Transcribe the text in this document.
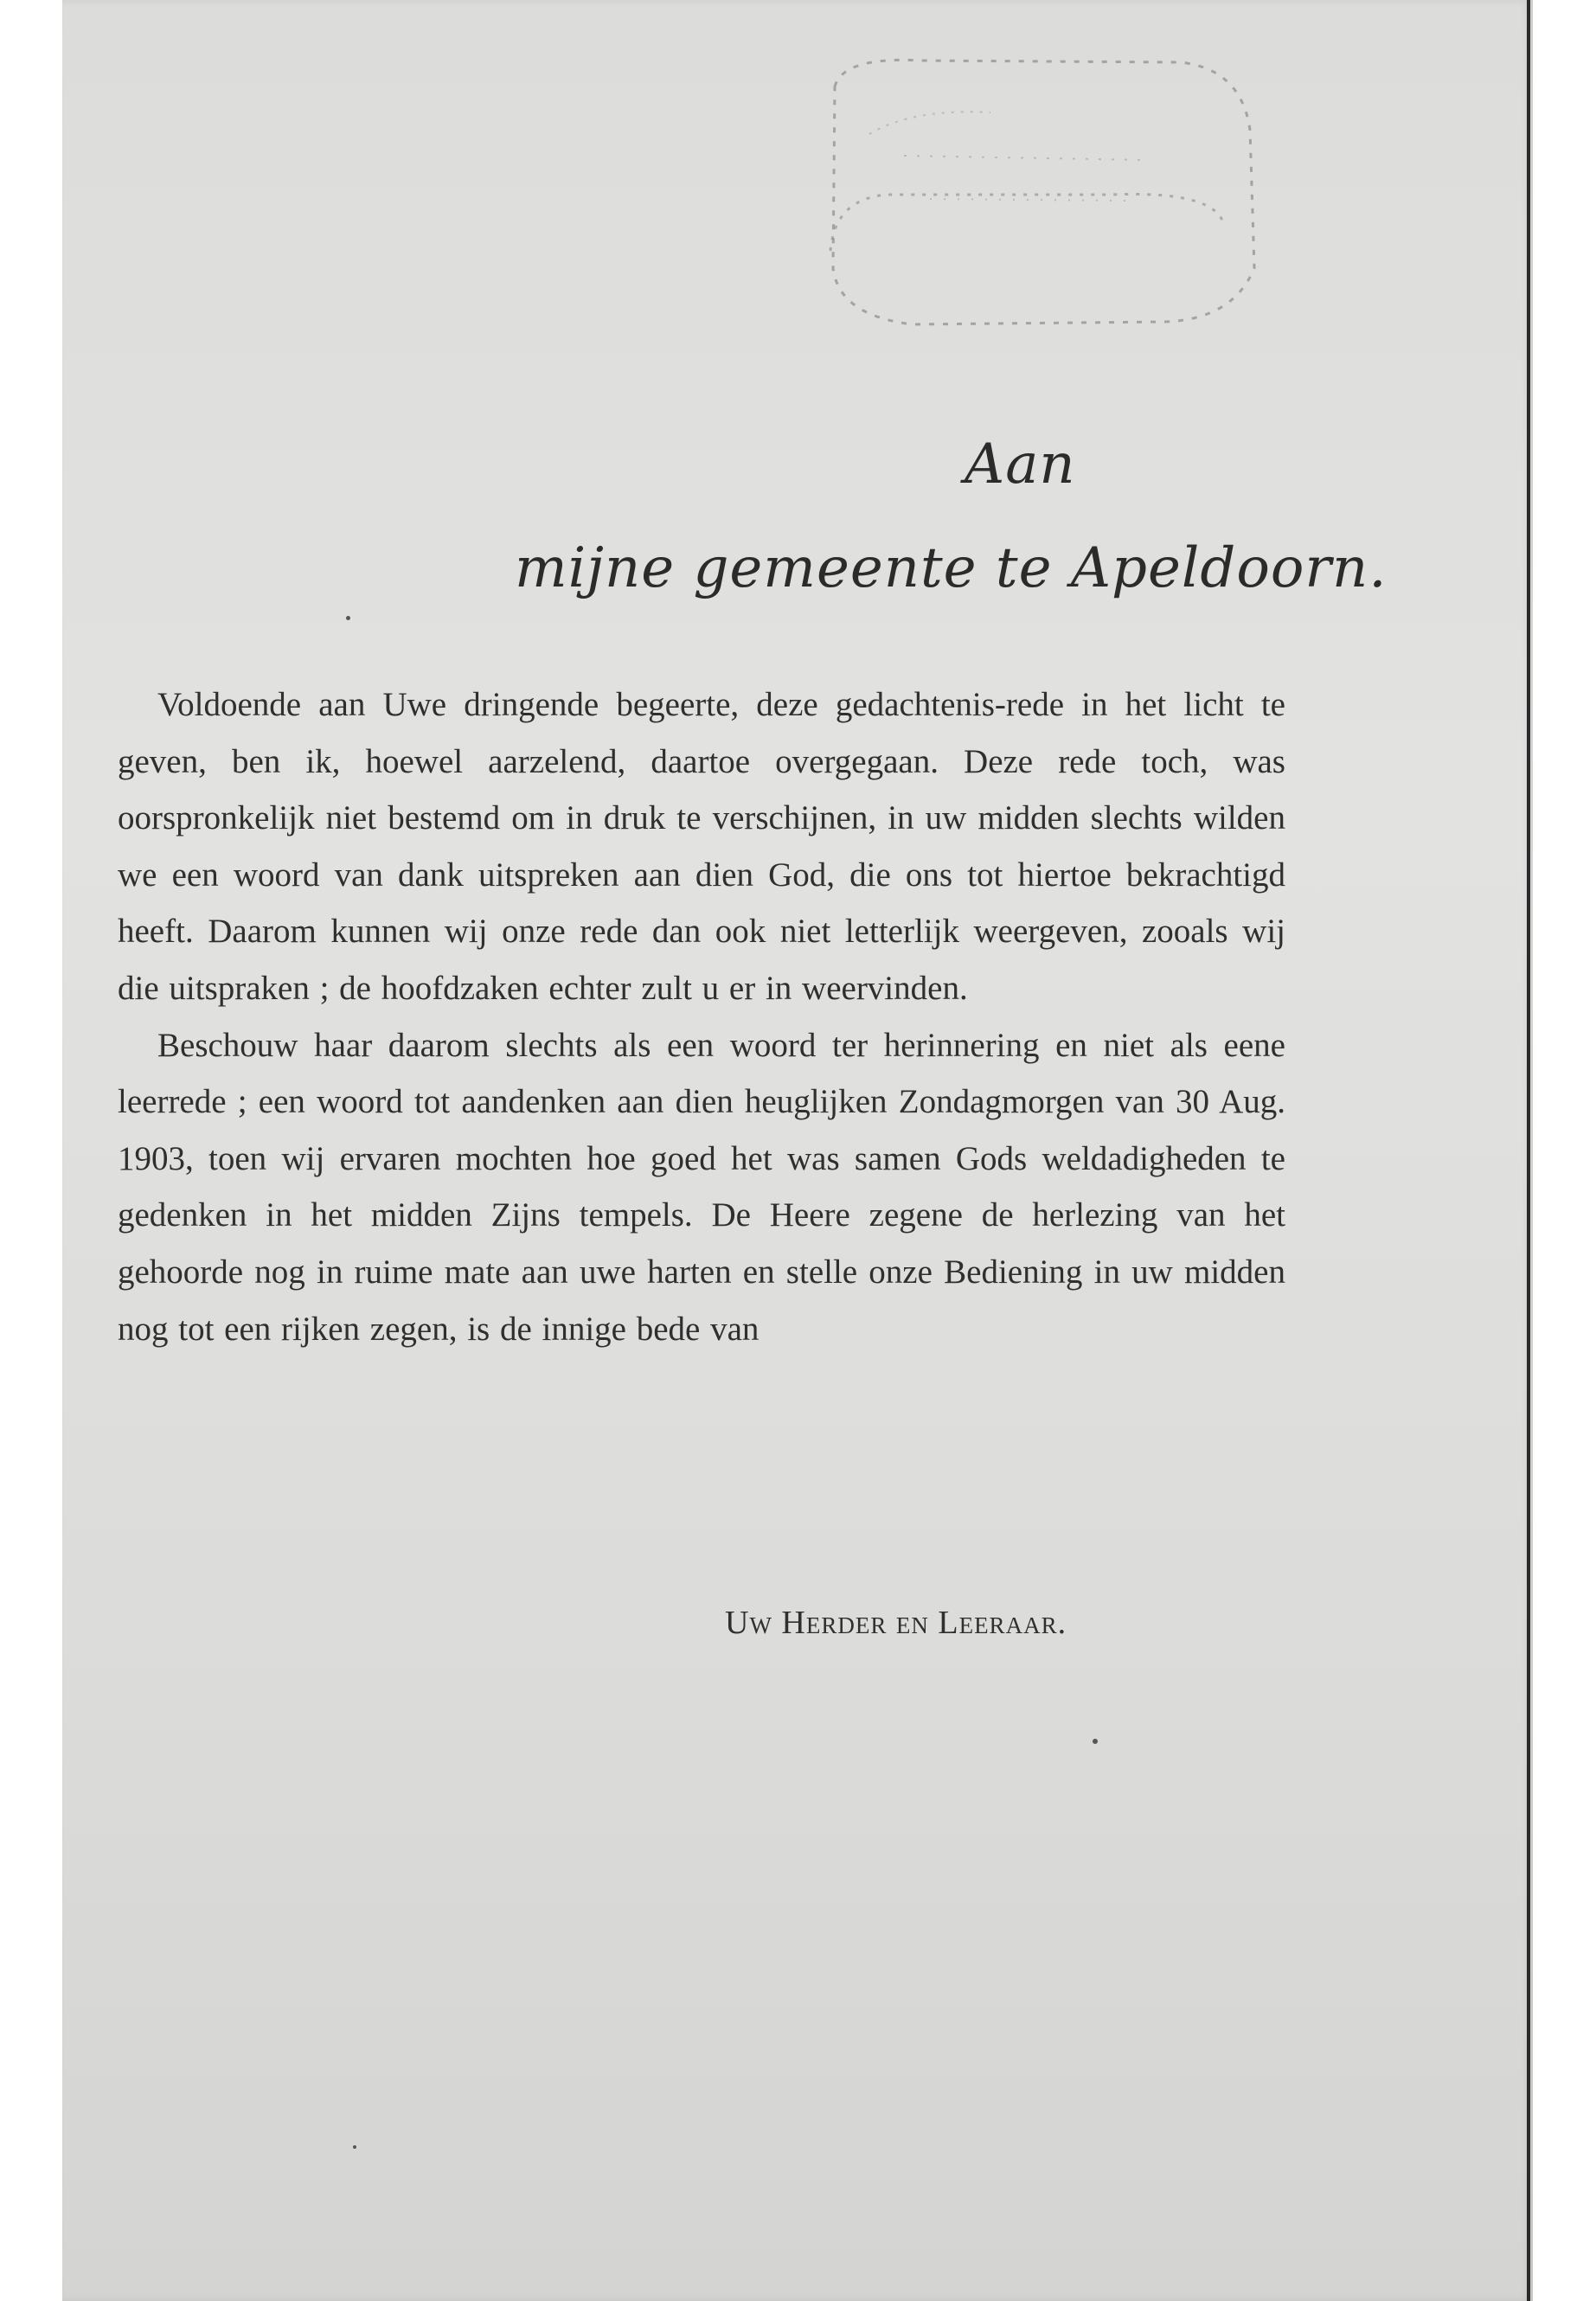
Aan
mijne gemeente te Apeldoorn.

Voldoende aan Uwe dringende begeerte, deze gedachtenis-rede in het licht te geven, ben ik, hoewel aarzelend, daartoe overgegaan. Deze rede toch, was oorspronkelijk niet bestemd om in druk te verschijnen, in uw midden slechts wilden we een woord van dank uitspreken aan dien God, die ons tot hiertoe bekrachtigd heeft. Daarom kunnen wij onze rede dan ook niet letterlijk weergeven, zooals wij die uitspraken ; de hoofdzaken echter zult u er in weervinden.

Beschouw haar daarom slechts als een woord ter herinnering en niet als eene leerrede ; een woord tot aandenken aan dien heuglijken Zondagmorgen van 30 Aug. 1903, toen wij ervaren mochten hoe goed het was samen Gods weldadigheden te gedenken in het midden Zijns tempels. De Heere zegene de herlezing van het gehoorde nog in ruime mate aan uwe harten en stelle onze Bediening in uw midden nog tot een rijken zegen, is de innige bede van

Uw Herder en Leeraar.
